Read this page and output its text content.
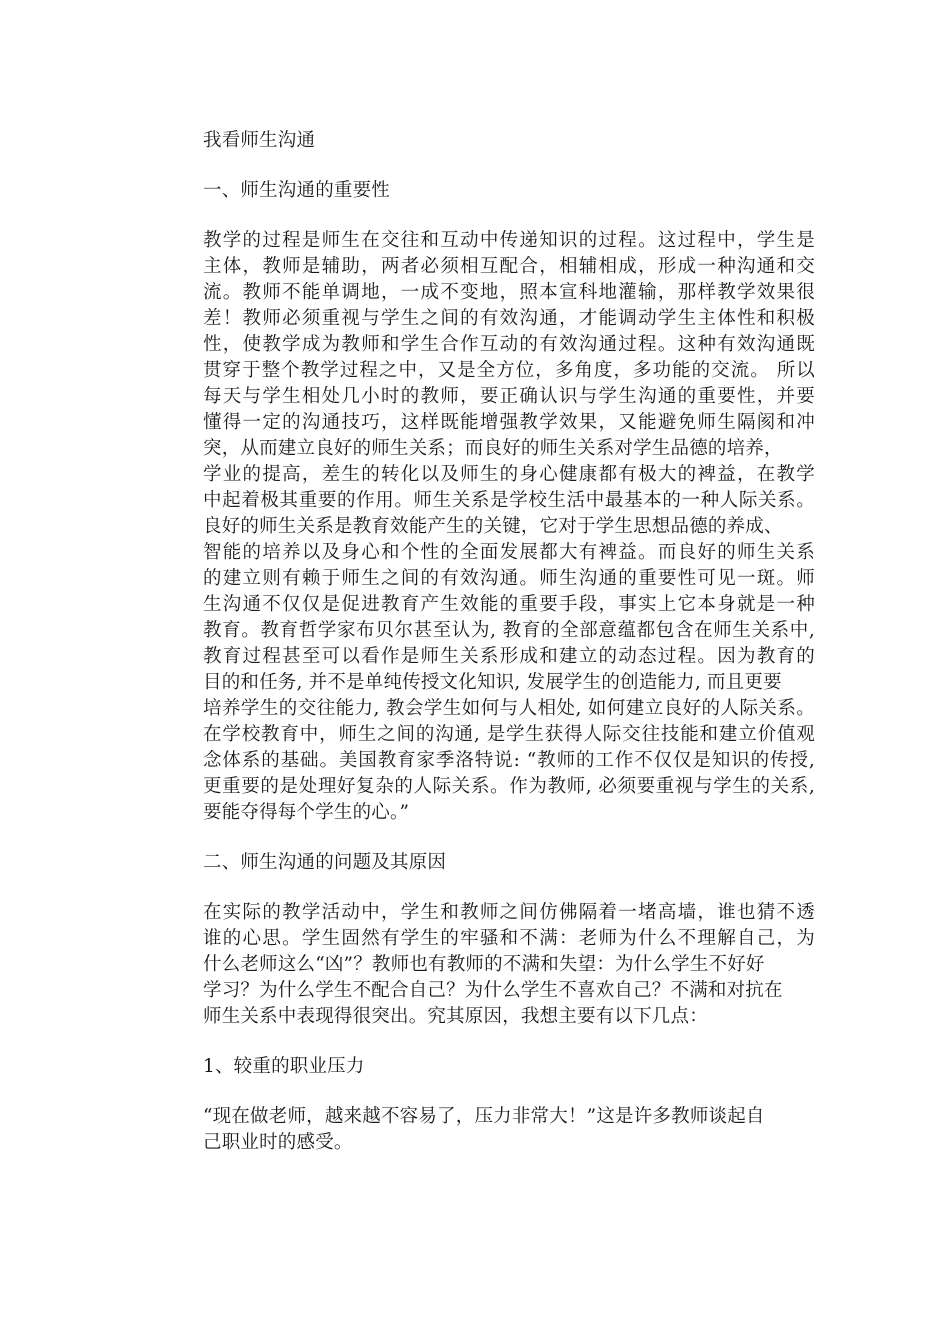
我看师生沟通
一、师生沟通的重要性
教学的过程是师生在交往和互动中传递知识的过程。这过程中，学生是
主体，教师是辅助，两者必须相互配合，相辅相成，形成一种沟通和交
流。教师不能单调地，一成不变地，照本宣科地灌输，那样教学效果很
差！教师必须重视与学生之间的有效沟通，才能调动学生主体性和积极
性，使教学成为教师和学生合作互动的有效沟通过程。这种有效沟通既
贯穿于整个教学过程之中，又是全方位，多角度，多功能的交流。 所以
每天与学生相处几小时的教师，要正确认识与学生沟通的重要性，并要
懂得一定的沟通技巧，这样既能增强教学效果，又能避免师生隔阂和冲
突，从而建立良好的师生关系；而良好的师生关系对学生品德的培养，
学业的提高，差生的转化以及师生的身心健康都有极大的裨益，在教学
中起着极其重要的作用。师生关系是学校生活中最基本的一种人际关系。
良好的师生关系是教育效能产生的关键，它对于学生思想品德的养成、
智能的培养以及身心和个性的全面发展都大有裨益。而良好的师生关系
的建立则有赖于师生之间的有效沟通。师生沟通的重要性可见一斑。师
生沟通不仅仅是促进教育产生效能的重要手段，事实上它本身就是一种
教育。教育哲学家布贝尔甚至认为, 教育的全部意蕴都包含在师生关系中,
教育过程甚至可以看作是师生关系形成和建立的动态过程。因为教育的
目的和任务, 并不是单纯传授文化知识, 发展学生的创造能力, 而且更要
培养学生的交往能力, 教会学生如何与人相处, 如何建立良好的人际关系。
在学校教育中，师生之间的沟通, 是学生获得人际交往技能和建立价值观
念体系的基础。美国教育家季洛特说: “教师的工作不仅仅是知识的传授,
更重要的是处理好复杂的人际关系。作为教师, 必须要重视与学生的关系,
要能夺得每个学生的心。”
二、师生沟通的问题及其原因
在实际的教学活动中，学生和教师之间仿佛隔着一堵高墙，谁也猜不透
谁的心思。学生固然有学生的牢骚和不满：老师为什么不理解自己，为
什么老师这么“凶”？教师也有教师的不满和失望：为什么学生不好好
学习？为什么学生不配合自己？为什么学生不喜欢自己？不满和对抗在
师生关系中表现得很突出。究其原因，我想主要有以下几点：
1、较重的职业压力
“现在做老师，越来越不容易了，压力非常大！”这是许多教师谈起自
己职业时的感受。
